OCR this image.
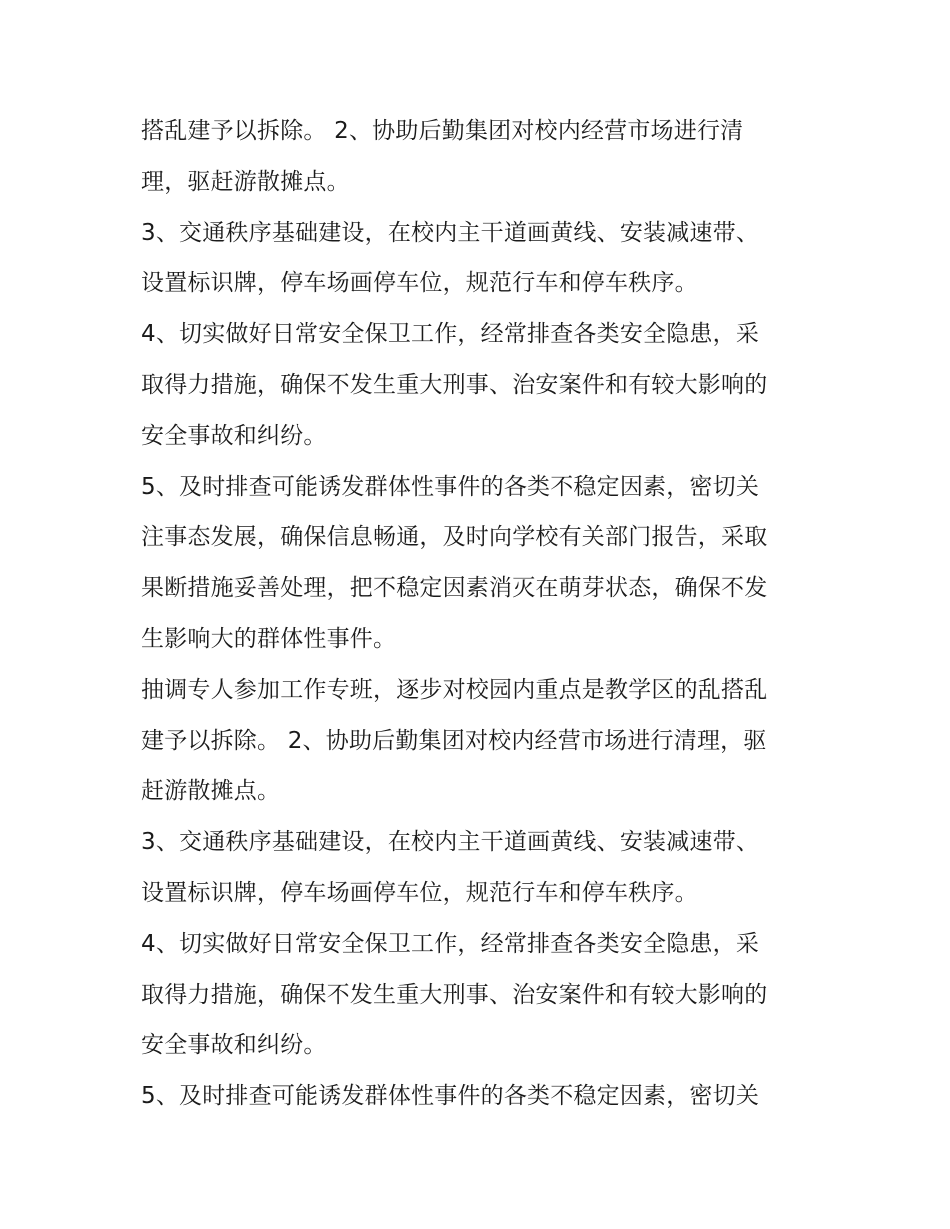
搭乱建予以拆除。 2、协助后勤集团对校内经营市场进行清
理，驱赶游散摊点。
3、交通秩序基础建设，在校内主干道画黄线、安装减速带、
设置标识牌，停车场画停车位，规范行车和停车秩序。
4、切实做好日常安全保卫工作，经常排查各类安全隐患，采
取得力措施，确保不发生重大刑事、治安案件和有较大影响的
安全事故和纠纷。
5、及时排查可能诱发群体性事件的各类不稳定因素，密切关
注事态发展，确保信息畅通，及时向学校有关部门报告，采取
果断措施妥善处理，把不稳定因素消灭在萌芽状态，确保不发
生影响大的群体性事件。
抽调专人参加工作专班，逐步对校园内重点是教学区的乱搭乱
建予以拆除。 2、协助后勤集团对校内经营市场进行清理，驱
赶游散摊点。
3、交通秩序基础建设，在校内主干道画黄线、安装减速带、
设置标识牌，停车场画停车位，规范行车和停车秩序。
4、切实做好日常安全保卫工作，经常排查各类安全隐患，采
取得力措施，确保不发生重大刑事、治安案件和有较大影响的
安全事故和纠纷。
5、及时排查可能诱发群体性事件的各类不稳定因素，密切关
